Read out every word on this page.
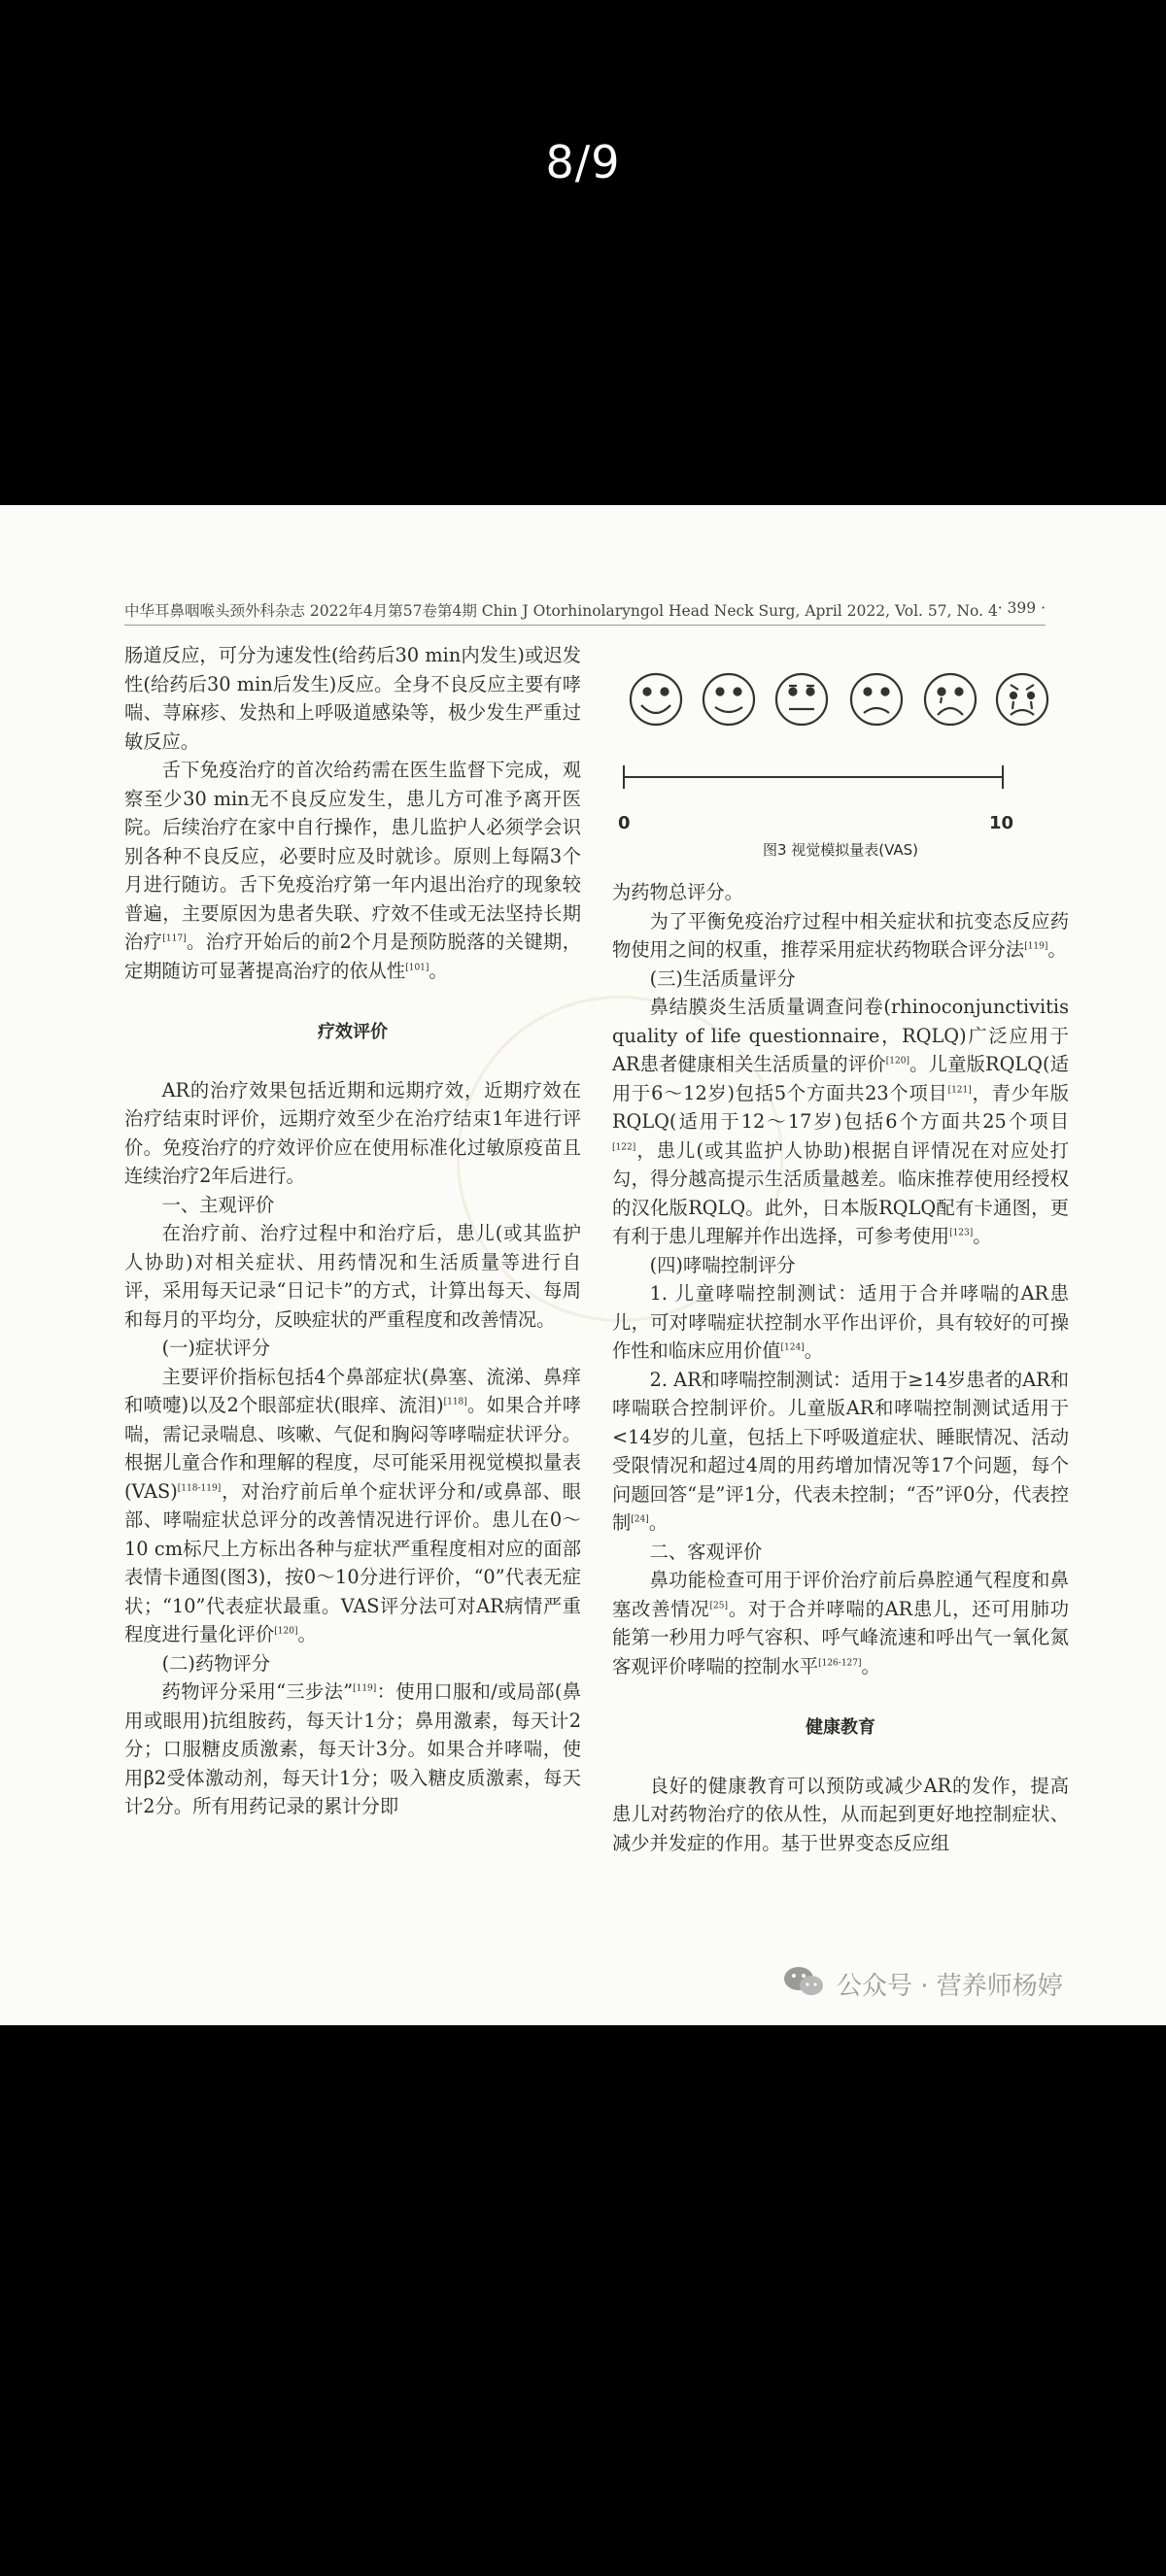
8/9
中华耳鼻咽喉头颈外科杂志 2022年4月第57卷第4期 Chin J Otorhinolaryngol Head Neck Surg, April 2022, Vol. 57, No. 4 · 399 ·

肠道反应，可分为速发性(给药后30 min内发生)或迟发性(给药后30 min后发生)反应。全身不良反应主要有哮喘、荨麻疹、发热和上呼吸道感染等，极少发生严重过敏反应。

舌下免疫治疗的首次给药需在医生监督下完成，观察至少30 min无不良反应发生，患儿方可准予离开医院。后续治疗在家中自行操作，患儿监护人必须学会识别各种不良反应，必要时应及时就诊。原则上每隔3个月进行随访。舌下免疫治疗第一年内退出治疗的现象较普遍，主要原因为患者失联、疗效不佳或无法坚持长期治疗[117]。治疗开始后的前2个月是预防脱落的关键期，定期随访可显著提高治疗的依从性[101]。

疗效评价

AR的治疗效果包括近期和远期疗效，近期疗效在治疗结束时评价，远期疗效至少在治疗结束1年进行评价。免疫治疗的疗效评价应在使用标准化过敏原疫苗且连续治疗2年后进行。

一、主观评价

在治疗前、治疗过程中和治疗后，患儿(或其监护人协助)对相关症状、用药情况和生活质量等进行自评，采用每天记录“日记卡”的方式，计算出每天、每周和每月的平均分，反映症状的严重程度和改善情况。

(一)症状评分

主要评价指标包括4个鼻部症状(鼻塞、流涕、鼻痒和喷嚏)以及2个眼部症状(眼痒、流泪)[118]。如果合并哮喘，需记录喘息、咳嗽、气促和胸闷等哮喘症状评分。根据儿童合作和理解的程度，尽可能采用视觉模拟量表(VAS)[118-119]，对治疗前后单个症状评分和/或鼻部、眼部、哮喘症状总评分的改善情况进行评价。患儿在0～10 cm标尺上方标出各种与症状严重程度相对应的面部表情卡通图(图3)，按0～10分进行评价，“0”代表无症状；“10”代表症状最重。VAS评分法可对AR病情严重程度进行量化评价[120]。

(二)药物评分

药物评分采用“三步法”[119]：使用口服和/或局部(鼻用或眼用)抗组胺药，每天计1分；鼻用激素，每天计2分；口服糖皮质激素，每天计3分。如果合并哮喘，使用β2受体激动剂，每天计1分；吸入糖皮质激素，每天计2分。所有用药记录的累计分即

0	10
图3 视觉模拟量表(VAS)

为药物总评分。

为了平衡免疫治疗过程中相关症状和抗变态反应药物使用之间的权重，推荐采用症状药物联合评分法[119]。

(三)生活质量评分

鼻结膜炎生活质量调查问卷(rhinoconjunctivitis quality of life questionnaire，RQLQ)广泛应用于AR患者健康相关生活质量的评价[120]。儿童版RQLQ(适用于6～12岁)包括5个方面共23个项目[121]，青少年版RQLQ(适用于12～17岁)包括6个方面共25个项目[122]，患儿(或其监护人协助)根据自评情况在对应处打勾，得分越高提示生活质量越差。临床推荐使用经授权的汉化版RQLQ。此外，日本版RQLQ配有卡通图，更有利于患儿理解并作出选择，可参考使用[123]。

(四)哮喘控制评分

1. 儿童哮喘控制测试：适用于合并哮喘的AR患儿，可对哮喘症状控制水平作出评价，具有较好的可操作性和临床应用价值[124]。

2. AR和哮喘控制测试：适用于≥14岁患者的AR和哮喘联合控制评价。儿童版AR和哮喘控制测试适用于<14岁的儿童，包括上下呼吸道症状、睡眠情况、活动受限情况和超过4周的用药增加情况等17个问题，每个问题回答“是”评1分，代表未控制；“否”评0分，代表控制[24]。

二、客观评价

鼻功能检查可用于评价治疗前后鼻腔通气程度和鼻塞改善情况[25]。对于合并哮喘的AR患儿，还可用肺功能第一秒用力呼气容积、呼气峰流速和呼出气一氧化氮客观评价哮喘的控制水平[126-127]。

健康教育

良好的健康教育可以预防或减少AR的发作，提高患儿对药物治疗的依从性，从而起到更好地控制症状、减少并发症的作用。基于世界变态反应组

公众号 · 营养师杨婷
